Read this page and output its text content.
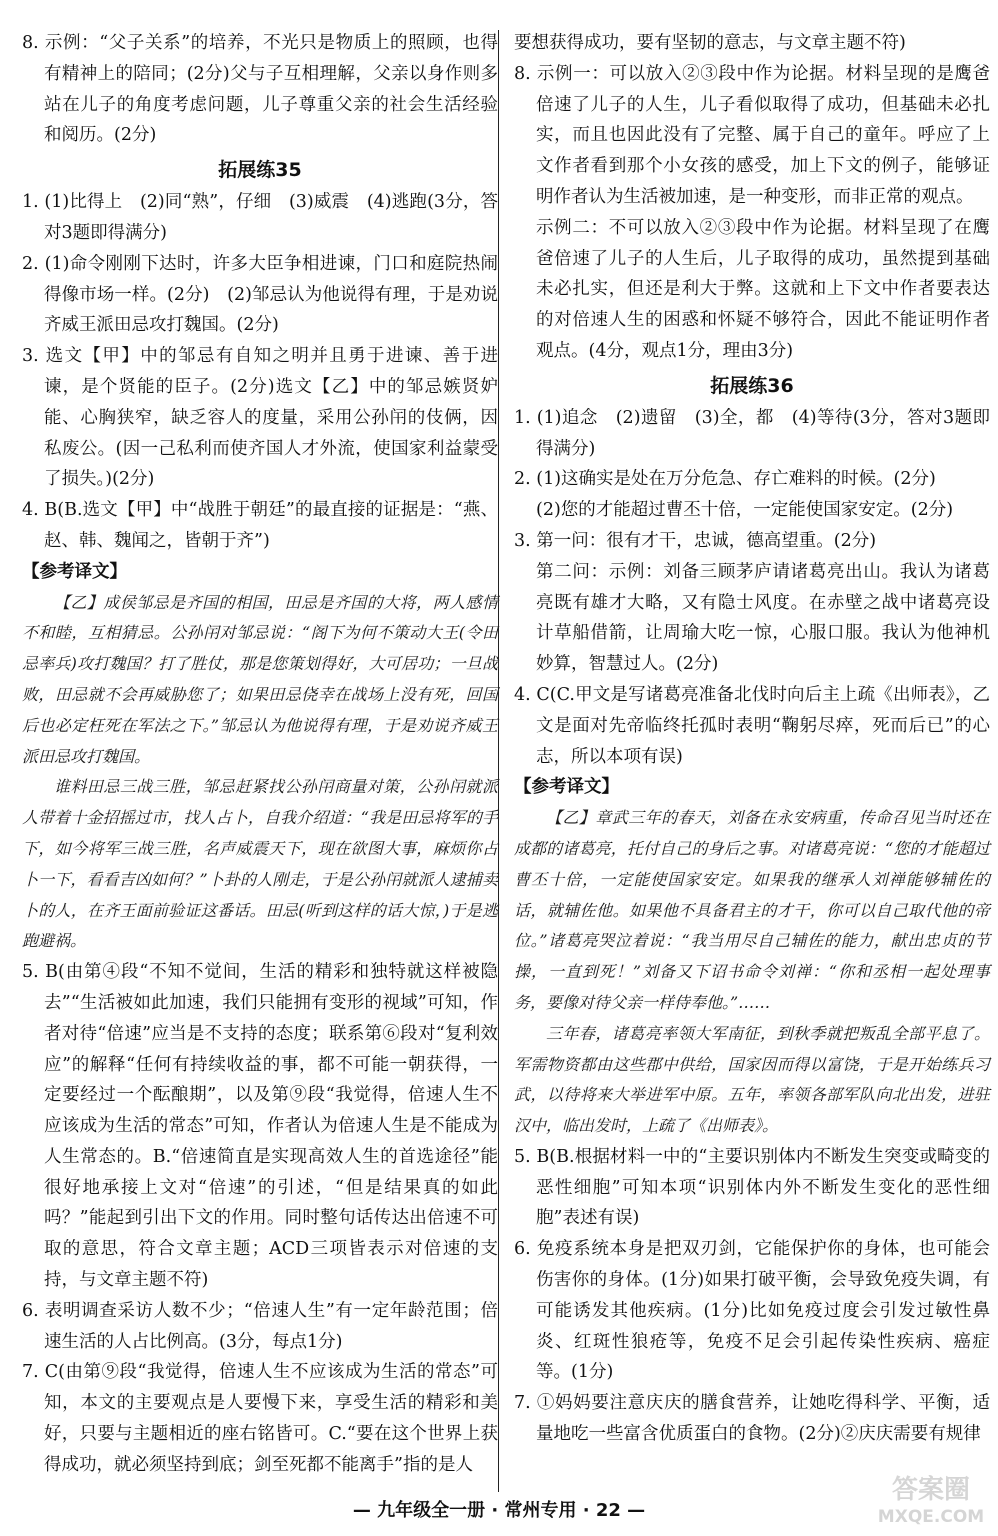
8. 示例：“父子关系”的培养，不光只是物质上的照顾，也得有精神上的陪同；(2分)父与子互相理解，父亲以身作则多站在儿子的角度考虑问题，儿子尊重父亲的社会生活经验和阅历。(2分)

拓展练35

1. (1)比得上　(2)同“熟”，仔细　(3)威震　(4)逃跑(3分，答对3题即得满分)

2. (1)命令刚刚下达时，许多大臣争相进谏，门口和庭院热闹得像市场一样。(2分)　(2)邹忌认为他说得有理，于是劝说齐威王派田忌攻打魏国。(2分)

3. 选文【甲】中的邹忌有自知之明并且勇于进谏、善于进谏，是个贤能的臣子。(2分)选文【乙】中的邹忌嫉贤妒能、心胸狭窄，缺乏容人的度量，采用公孙闬的伎俩，因私废公。(因一己私利而使齐国人才外流，使国家利益蒙受了损失。)(2分)

4. B(B.选文【甲】中“战胜于朝廷”的最直接的证据是：“燕、赵、韩、魏闻之，皆朝于齐”)

【参考译文】

【乙】成侯邹忌是齐国的相国，田忌是齐国的大将，两人感情不和睦，互相猜忌。公孙闬对邹忌说：“阁下为何不策动大王(令田忌率兵)攻打魏国？打了胜仗，那是您策划得好，大可居功；一旦战败，田忌就不会再威胁您了；如果田忌侥幸在战场上没有死，回国后也必定枉死在军法之下。”邹忌认为他说得有理，于是劝说齐威王派田忌攻打魏国。

谁料田忌三战三胜，邹忌赶紧找公孙闬商量对策，公孙闬就派人带着十金招摇过市，找人占卜，自我介绍道：“我是田忌将军的手下，如今将军三战三胜，名声威震天下，现在欲图大事，麻烦你占卜一下，看看吉凶如何？”卜卦的人刚走，于是公孙闬就派人逮捕卖卜的人，在齐王面前验证这番话。田忌(听到这样的话大惊，)于是逃跑避祸。

5. B(由第④段“不知不觉间，生活的精彩和独特就这样被隐去”“生活被如此加速，我们只能拥有变形的视域”可知，作者对待“倍速”应当是不支持的态度；联系第⑥段对“复利效应”的解释“任何有持续收益的事，都不可能一朝获得，一定要经过一个酝酿期”，以及第⑨段“我觉得，倍速人生不应该成为生活的常态”可知，作者认为倍速人生是不能成为人生常态的。B.“倍速简直是实现高效人生的首选途径”能很好地承接上文对“倍速”的引述，“但是结果真的如此吗？”能起到引出下文的作用。同时整句话传达出倍速不可取的意思，符合文章主题；ACD三项皆表示对倍速的支持，与文章主题不符)

6. 表明调查采访人数不少；“倍速人生”有一定年龄范围；倍速生活的人占比例高。(3分，每点1分)

7. C(由第⑨段“我觉得，倍速人生不应该成为生活的常态”可知，本文的主要观点是人要慢下来，享受生活的精彩和美好，只要与主题相近的座右铭皆可。C.“要在这个世界上获得成功，就必须坚持到底；剑至死都不能离手”指的是人

要想获得成功，要有坚韧的意志，与文章主题不符)

8. 示例一：可以放入②③段中作为论据。材料呈现的是鹰爸倍速了儿子的人生，儿子看似取得了成功，但基础未必扎实，而且也因此没有了完整、属于自己的童年。呼应了上文作者看到那个小女孩的感受，加上下文的例子，能够证明作者认为生活被加速，是一种变形，而非正常的观点。

示例二：不可以放入②③段中作为论据。材料呈现了在鹰爸倍速了儿子的人生后，儿子取得的成功，虽然提到基础未必扎实，但还是利大于弊。这就和上下文中作者要表达的对倍速人生的困惑和怀疑不够符合，因此不能证明作者观点。(4分，观点1分，理由3分)

拓展练36

1. (1)追念　(2)遗留　(3)全，都　(4)等待(3分，答对3题即得满分)

2. (1)这确实是处在万分危急、存亡难料的时候。(2分)
(2)您的才能超过曹丕十倍，一定能使国家安定。(2分)

3. 第一问：很有才干，忠诚，德高望重。(2分)
第二问：示例：刘备三顾茅庐请诸葛亮出山。我认为诸葛亮既有雄才大略，又有隐士风度。在赤壁之战中诸葛亮设计草船借箭，让周瑜大吃一惊，心服口服。我认为他神机妙算，智慧过人。(2分)

4. C(C.甲文是写诸葛亮准备北伐时向后主上疏《出师表》，乙文是面对先帝临终托孤时表明“鞠躬尽瘁，死而后已”的心志，所以本项有误)

【参考译文】

【乙】章武三年的春天，刘备在永安病重，传命召见当时还在成都的诸葛亮，托付自己的身后之事。对诸葛亮说：“您的才能超过曹丕十倍，一定能使国家安定。如果我的继承人刘禅能够辅佐的话，就辅佐他。如果他不具备君主的才干，你可以自己取代他的帝位。”诸葛亮哭泣着说：“我当用尽自己辅佐的能力，献出忠贞的节操，一直到死！”刘备又下诏书命令刘禅：“你和丞相一起处理事务，要像对待父亲一样侍奉他。”……

三年春，诸葛亮率领大军南征，到秋季就把叛乱全部平息了。军需物资都由这些郡中供给，国家因而得以富饶，于是开始练兵习武，以待将来大举进军中原。五年，率领各部军队向北出发，进驻汉中，临出发时，上疏了《出师表》。

5. B(B.根据材料一中的“主要识别体内不断发生突变或畸变的恶性细胞”可知本项“识别体内外不断发生变化的恶性细胞”表述有误)

6. 免疫系统本身是把双刃剑，它能保护你的身体，也可能会伤害你的身体。(1分)如果打破平衡，会导致免疫失调，有可能诱发其他疾病。(1分)比如免疫过度会引发过敏性鼻炎、红斑性狼疮等，免疫不足会引起传染性疾病、癌症等。(1分)

7. ①妈妈要注意庆庆的膳食营养，让她吃得科学、平衡，适量地吃一些富含优质蛋白的食物。(2分)②庆庆需要有规律

— 九年级全一册 · 常州专用 · 22 —
答案圈
MXQE.COM
